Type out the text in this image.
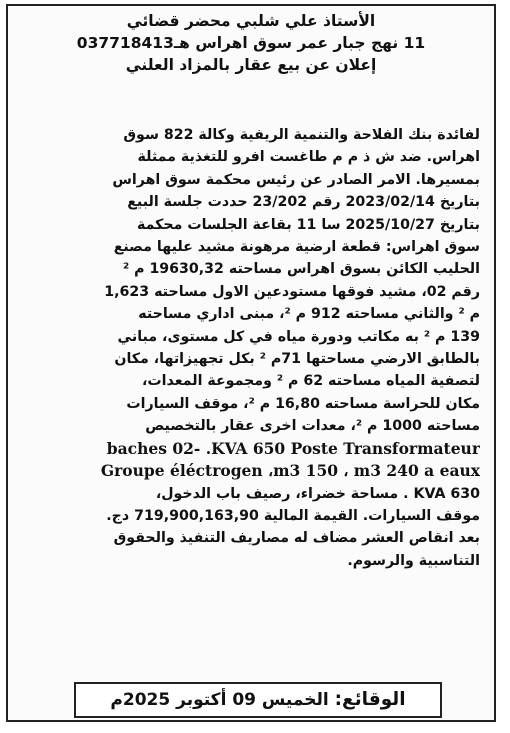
الأستاذ علي شلبي محضر قضائي
11 نهج جبار عمر سوق اهراس هـ037718413
إعلان عن بيع عقار بالمزاد العلني
لفائدة بنك الفلاحة والتنمية الريفية وكالة 822 سوق
اهراس. ضد ش ذ م م طاغست افرو للتغذية ممثلة
بمسيرها. الامر الصادر عن رئيس محكمة سوق اهراس
بتاريخ 2023/02/14 رقم 23/202 حددت جلسة البيع
بتاريخ 2025/10/27 سا 11 بقاعة الجلسات محكمة
سوق اهراس: قطعة ارضية مرهونة مشيد عليها مصنع
الحليب الكائن بسوق اهراس مساحته 19630,32 م ²
رقم 02، مشيد فوقها مستودعين الاول مساحته 1,623
م ² والثاني مساحته 912 م ²، مبنى اداري مساحته
139 م ² به مكاتب ودورة مياه في كل مستوى، مباني
بالطابق الارضي مساحتها 71م ² بكل تجهيزاتها، مكان
لتصفية المياه مساحته 62 م ² ومجموعة المعدات،
مكان للحراسة مساحته 16,80 م ²، موقف السيارات
مساحته 1000 م ²، معدات اخرى عقار بالتخصيص
baches 02- .KVA 650 Poste Transformateur
Groupe éléctrogen ،m3 150 ، m3 240 a eaux
KVA 630 . مساحة خضراء، رصيف باب الدخول،
موقف السيارات. القيمة المالية 719,900,163,90 دج.
بعد انقاص العشر مضاف له مصاريف التنفيذ والحقوق
التناسبية والرسوم.
الوقائع: الخميس 09 أكتوبر 2025م
